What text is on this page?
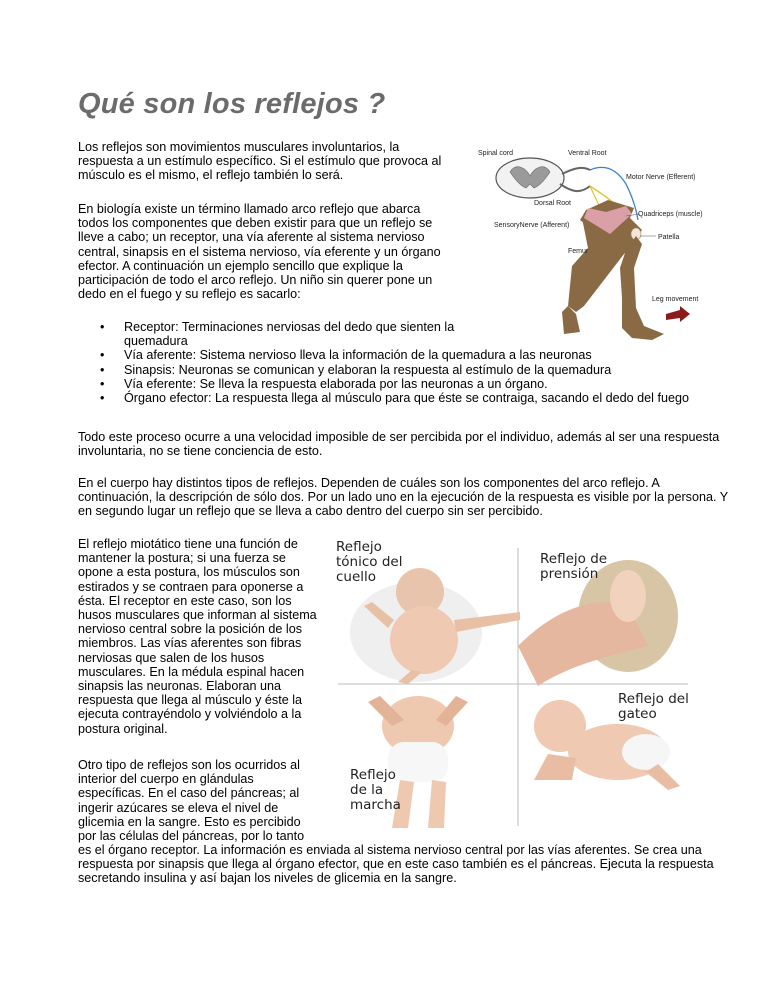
Qué son los reflejos ?

Los reflejos son movimientos musculares involuntarios, la respuesta a un estímulo específico. Si el estímulo que provoca al músculo es el mismo, el reflejo también lo será.

En biología existe un término llamado arco reflejo que abarca todos los componentes que deben existir para que un reflejo se lleve a cabo; un receptor, una vía aferente al sistema nervioso central, sinapsis en el sistema nervioso, vía eferente y un órgano efector. A continuación un ejemplo sencillo que explique la participación de todo el arco reflejo. Un niño sin querer pone un dedo en el fuego y su reflejo es sacarlo:

Spinal cord	Ventral Root
Motor Nerve (Efferent)
Dorsal Root
Quadriceps (muscle)
SensoryNerve (Afferent)
Patella
Femur
Leg movement
• Receptor: Terminaciones nerviosas del dedo que sienten la quemadura
• Vía aferente: Sistema nervioso lleva la información de la quemadura a las neuronas
• Sinapsis: Neuronas se comunican y elaboran la respuesta al estímulo de la quemadura
• Vía eferente: Se lleva la respuesta elaborada por las neuronas a un órgano.
• Órgano efector: La respuesta llega al músculo para que éste se contraiga, sacando el dedo del fuego

Todo este proceso ocurre a una velocidad imposible de ser percibida por el individuo, además al ser una respuesta involuntaria, no se tiene conciencia de esto.

En el cuerpo hay distintos tipos de reflejos. Dependen de cuáles son los componentes del arco reflejo. A continuación, la descripción de sólo dos. Por un lado uno en la ejecución de la respuesta es visible por la persona. Y en segundo lugar un reflejo que se lleva a cabo dentro del cuerpo sin ser percibido.

El reflejo miotático tiene una función de mantener la postura; si una fuerza se opone a esta postura, los músculos son estirados y se contraen para oponerse a ésta. El receptor en este caso, son los husos musculares que informan al sistema nervioso central sobre la posición de los miembros. Las vías aferentes son fibras nerviosas que salen de los husos musculares. En la médula espinal hacen sinapsis las neuronas. Elaboran una respuesta que llega al músculo y éste la ejecuta contrayéndolo y volviéndolo a la postura original.

Otro tipo de reflejos son los ocurridos al interior del cuerpo en glándulas específicas. En el caso del páncreas; al ingerir azúcares se eleva el nivel de glicemia en la sangre. Esto es percibido por las células del páncreas, por lo tanto

es el órgano receptor. La información es enviada al sistema nervioso central por las vías aferentes. Se crea una respuesta por sinapsis que llega al órgano efector, que en este caso también es el páncreas. Ejecuta la respuesta secretando insulina y así bajan los niveles de glicemia en la sangre.

Reflejo tónico del cuello
Reflejo de prensión
Reflejo del gateo
Reflejo de la marcha
